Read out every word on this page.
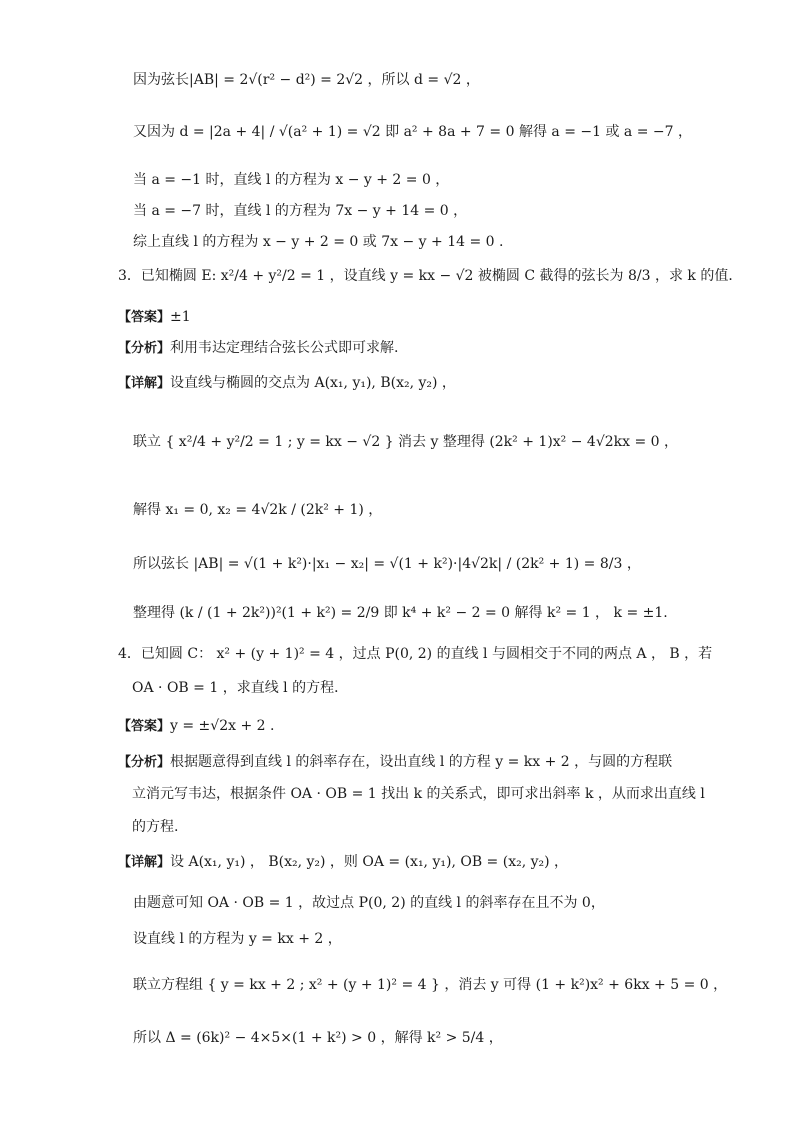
因为弦长|AB| = 2√(r² − d²) = 2√2 ，所以 d = √2 ，
又因为 d = |2a + 4| / √(a² + 1) = √2 即 a² + 8a + 7 = 0 解得 a = −1 或 a = −7 ，
当 a = −1 时，直线 l 的方程为 x − y + 2 = 0 ，
当 a = −7 时，直线 l 的方程为 7x − y + 14 = 0 ，
综上直线 l 的方程为 x − y + 2 = 0 或 7x − y + 14 = 0 .
3．已知椭圆 E: x²/4 + y²/2 = 1 ，设直线 y = kx − √2 被椭圆 C 截得的弦长为 8/3 ，求 k 的值．
【答案】±1
【分析】利用韦达定理结合弦长公式即可求解.
【详解】设直线与椭圆的交点为 A(x₁, y₁), B(x₂, y₂) ，
联立 { x²/4 + y²/2 = 1 ; y = kx − √2 } 消去 y 整理得 (2k² + 1)x² − 4√2kx = 0 ，
解得 x₁ = 0, x₂ = 4√2k / (2k² + 1) ，
所以弦长 |AB| = √(1 + k²)·|x₁ − x₂| = √(1 + k²)·|4√2k| / (2k² + 1) = 8/3 ，
整理得 (k / (1 + 2k²))²(1 + k²) = 2/9 即 k⁴ + k² − 2 = 0 解得 k² = 1 ， k = ±1.
4．已知圆 C： x² + (y + 1)² = 4 ，过点 P(0, 2) 的直线 l 与圆相交于不同的两点 A ， B ，若
OA · OB = 1 ，求直线 l 的方程．
【答案】y = ±√2x + 2 .
【分析】根据题意得到直线 l 的斜率存在，设出直线 l 的方程 y = kx + 2 ，与圆的方程联
立消元写韦达，根据条件 OA · OB = 1 找出 k 的关系式，即可求出斜率 k ，从而求出直线 l
的方程.
【详解】设 A(x₁, y₁) ， B(x₂, y₂) ，则 OA = (x₁, y₁), OB = (x₂, y₂) ，
由题意可知 OA · OB = 1 ，故过点 P(0, 2) 的直线 l 的斜率存在且不为 0，
设直线 l 的方程为 y = kx + 2 ，
联立方程组 { y = kx + 2 ; x² + (y + 1)² = 4 } ，消去 y 可得 (1 + k²)x² + 6kx + 5 = 0 ，
所以 Δ = (6k)² − 4×5×(1 + k²) > 0 ，解得 k² > 5/4 ，
